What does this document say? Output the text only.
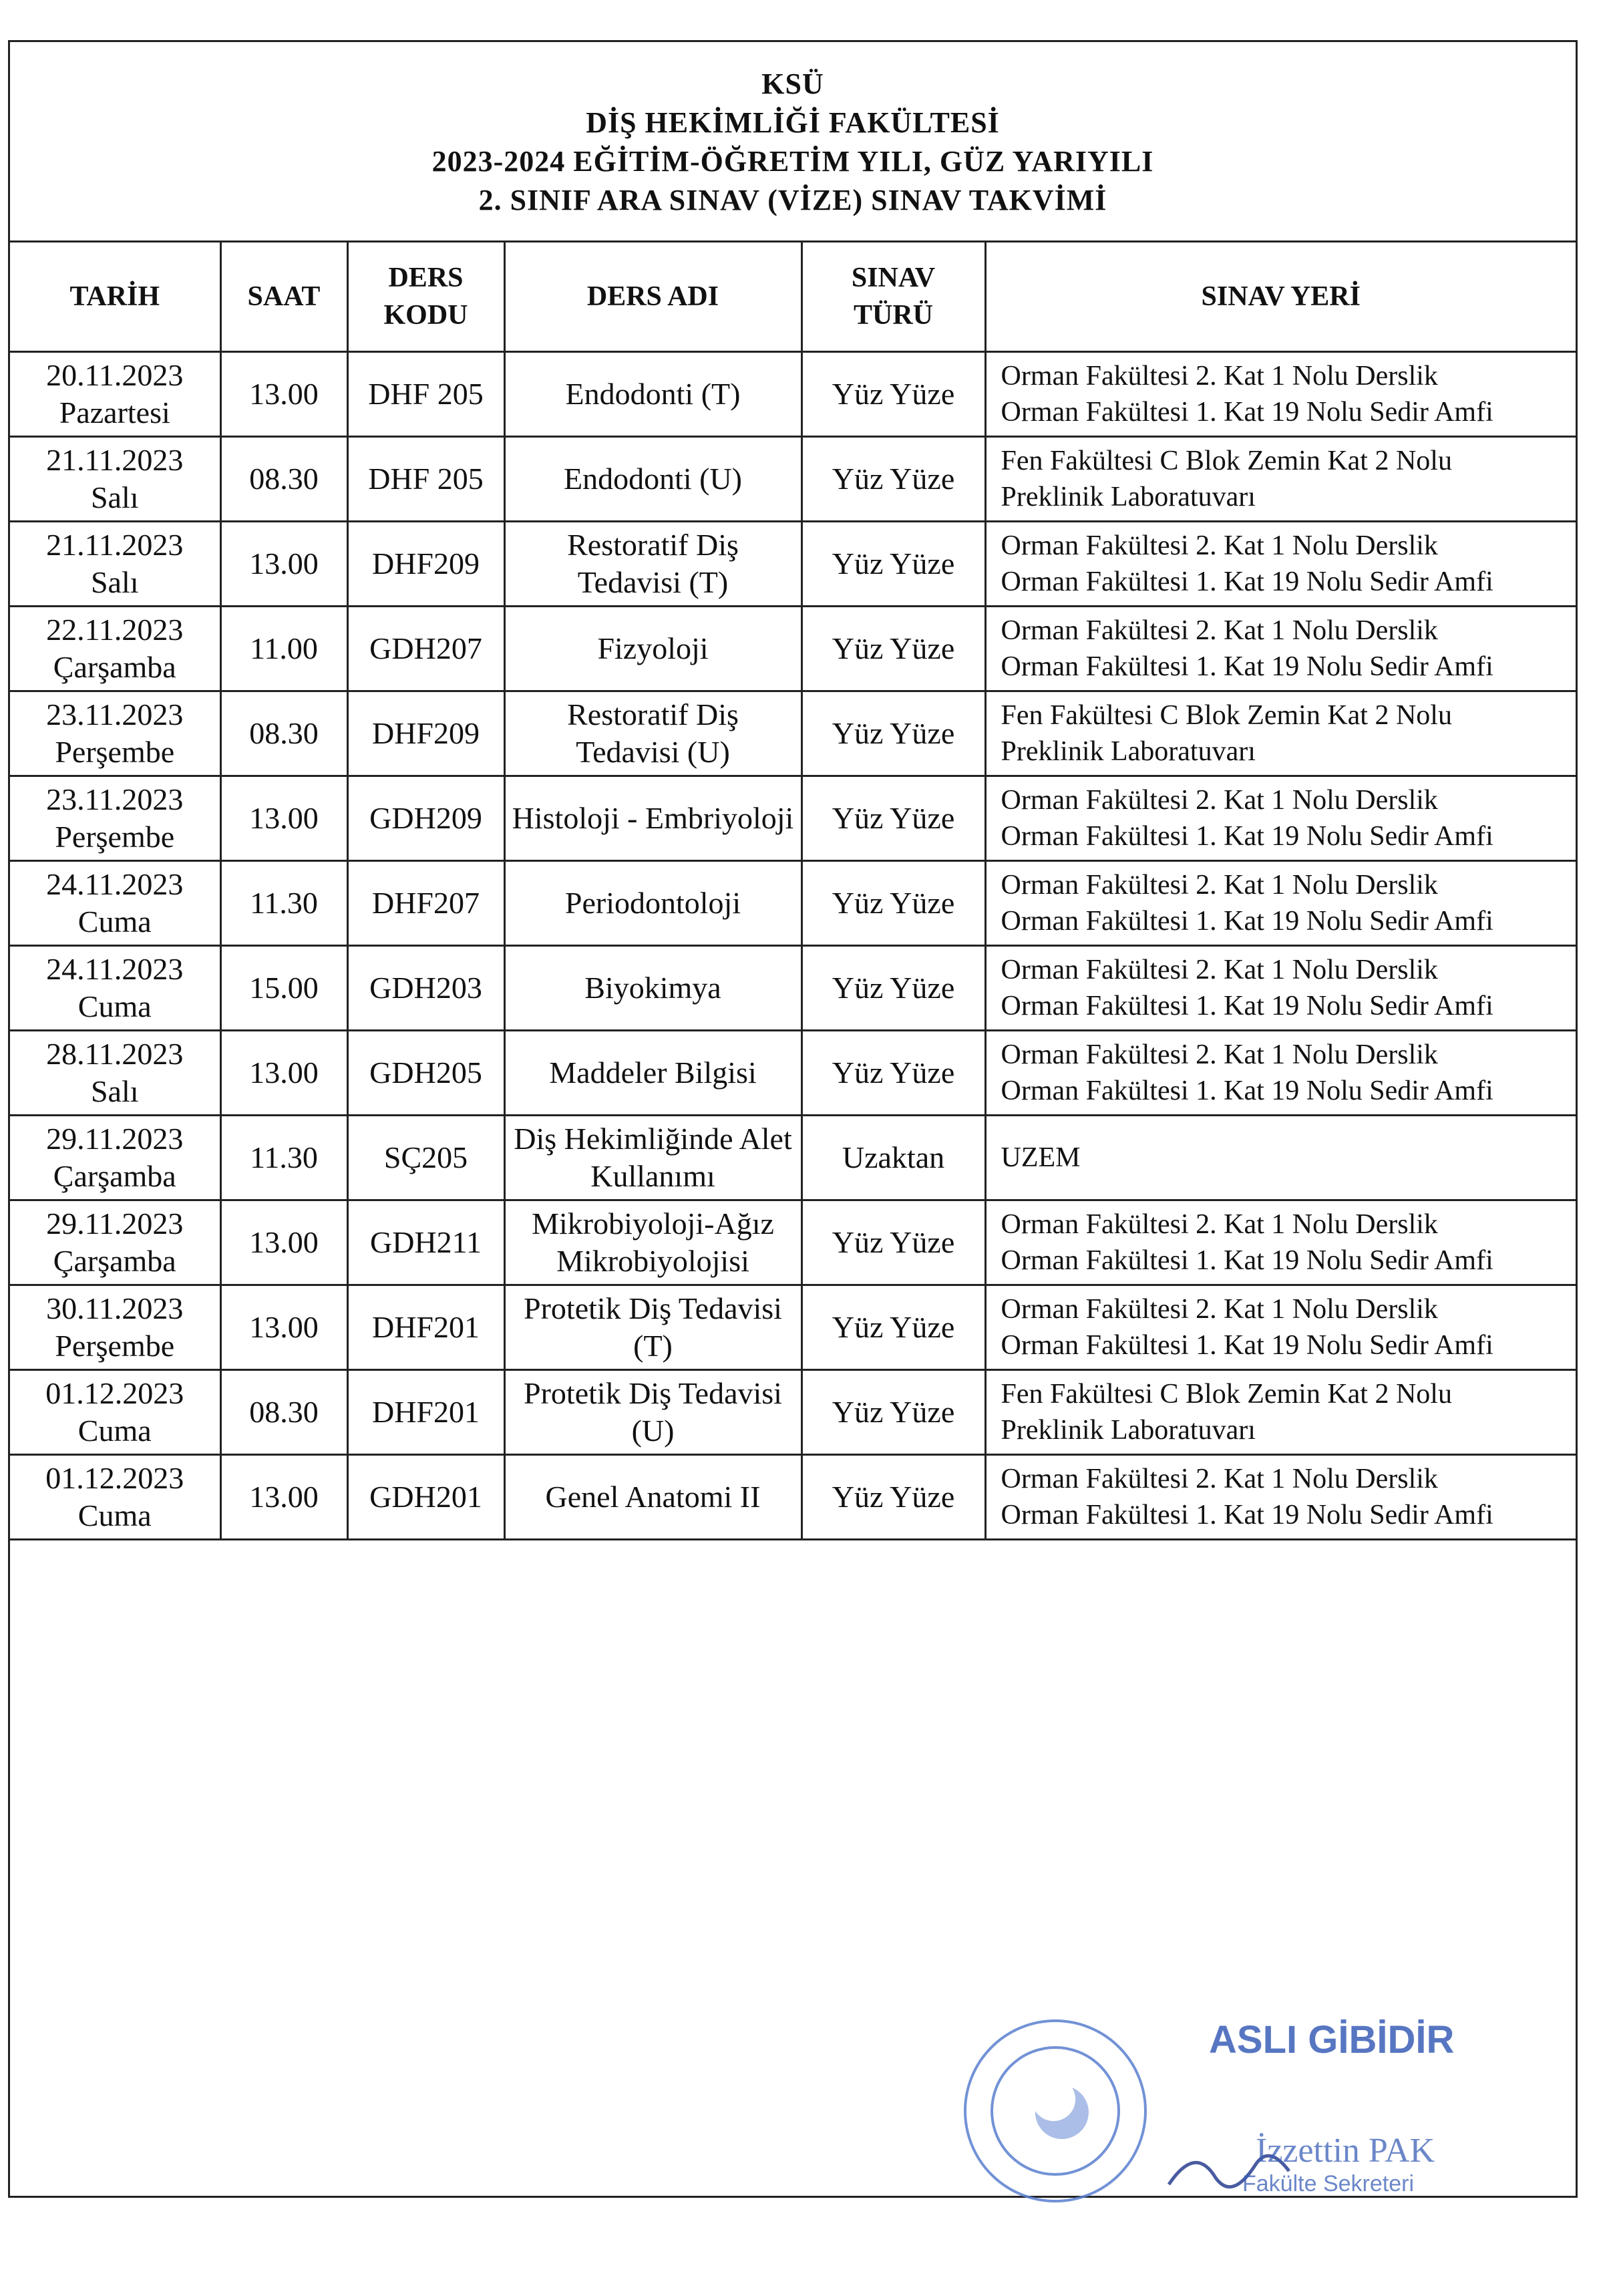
KSÜ
DİŞ HEKİMLİĞİ FAKÜLTESİ
2023-2024 EĞİTİM-ÖĞRETİM YILI, GÜZ YARIYILI
2. SINIF ARA SINAV (VİZE) SINAV TAKVİMİ
TARİH	SAAT	DERS KODU	DERS ADI	SINAV TÜRÜ	SINAV YERİ

20.11.2023
Pazartesi	13.00	DHF 205	Endodonti (T)	Yüz Yüze	Orman Fakültesi 2. Kat 1 Nolu Derslik
Orman Fakültesi 1. Kat 19 Nolu Sedir Amfi

21.11.2023
Salı	08.30	DHF 205	Endodonti (U)	Yüz Yüze	Fen Fakültesi C Blok Zemin Kat 2 Nolu
Preklinik Laboratuvarı

21.11.2023
Salı	13.00	DHF209	Restoratif Diş Tedavisi (T)	Yüz Yüze	Orman Fakültesi 2. Kat 1 Nolu Derslik
Orman Fakültesi 1. Kat 19 Nolu Sedir Amfi

22.11.2023
Çarşamba	11.00	GDH207	Fizyoloji	Yüz Yüze	Orman Fakültesi 2. Kat 1 Nolu Derslik
Orman Fakültesi 1. Kat 19 Nolu Sedir Amfi

23.11.2023
Perşembe	08.30	DHF209	Restoratif Diş Tedavisi (U)	Yüz Yüze	Fen Fakültesi C Blok Zemin Kat 2 Nolu
Preklinik Laboratuvarı

23.11.2023
Perşembe	13.00	GDH209	Histoloji - Embriyoloji	Yüz Yüze	Orman Fakültesi 2. Kat 1 Nolu Derslik
Orman Fakültesi 1. Kat 19 Nolu Sedir Amfi

24.11.2023
Cuma	11.30	DHF207	Periodontoloji	Yüz Yüze	Orman Fakültesi 2. Kat 1 Nolu Derslik
Orman Fakültesi 1. Kat 19 Nolu Sedir Amfi

24.11.2023
Cuma	15.00	GDH203	Biyokimya	Yüz Yüze	Orman Fakültesi 2. Kat 1 Nolu Derslik
Orman Fakültesi 1. Kat 19 Nolu Sedir Amfi

28.11.2023
Salı	13.00	GDH205	Maddeler Bilgisi	Yüz Yüze	Orman Fakültesi 2. Kat 1 Nolu Derslik
Orman Fakültesi 1. Kat 19 Nolu Sedir Amfi

29.11.2023
Çarşamba	11.30	SÇ205	Diş Hekimliğinde Alet Kullanımı	Uzaktan	UZEM

29.11.2023
Çarşamba	13.00	GDH211	Mikrobiyoloji-Ağız Mikrobiyolojisi	Yüz Yüze	Orman Fakültesi 2. Kat 1 Nolu Derslik
Orman Fakültesi 1. Kat 19 Nolu Sedir Amfi

30.11.2023
Perşembe	13.00	DHF201	Protetik Diş Tedavisi (T)	Yüz Yüze	Orman Fakültesi 2. Kat 1 Nolu Derslik
Orman Fakültesi 1. Kat 19 Nolu Sedir Amfi

01.12.2023
Cuma	08.30	DHF201	Protetik Diş Tedavisi (U)	Yüz Yüze	Fen Fakültesi C Blok Zemin Kat 2 Nolu
Preklinik Laboratuvarı

01.12.2023
Cuma	13.00	GDH201	Genel Anatomi II	Yüz Yüze	Orman Fakültesi 2. Kat 1 Nolu Derslik
Orman Fakültesi 1. Kat 19 Nolu Sedir Amfi
ASLI GİBİDİR
İzzettin PAK
Fakülte Sekreteri
